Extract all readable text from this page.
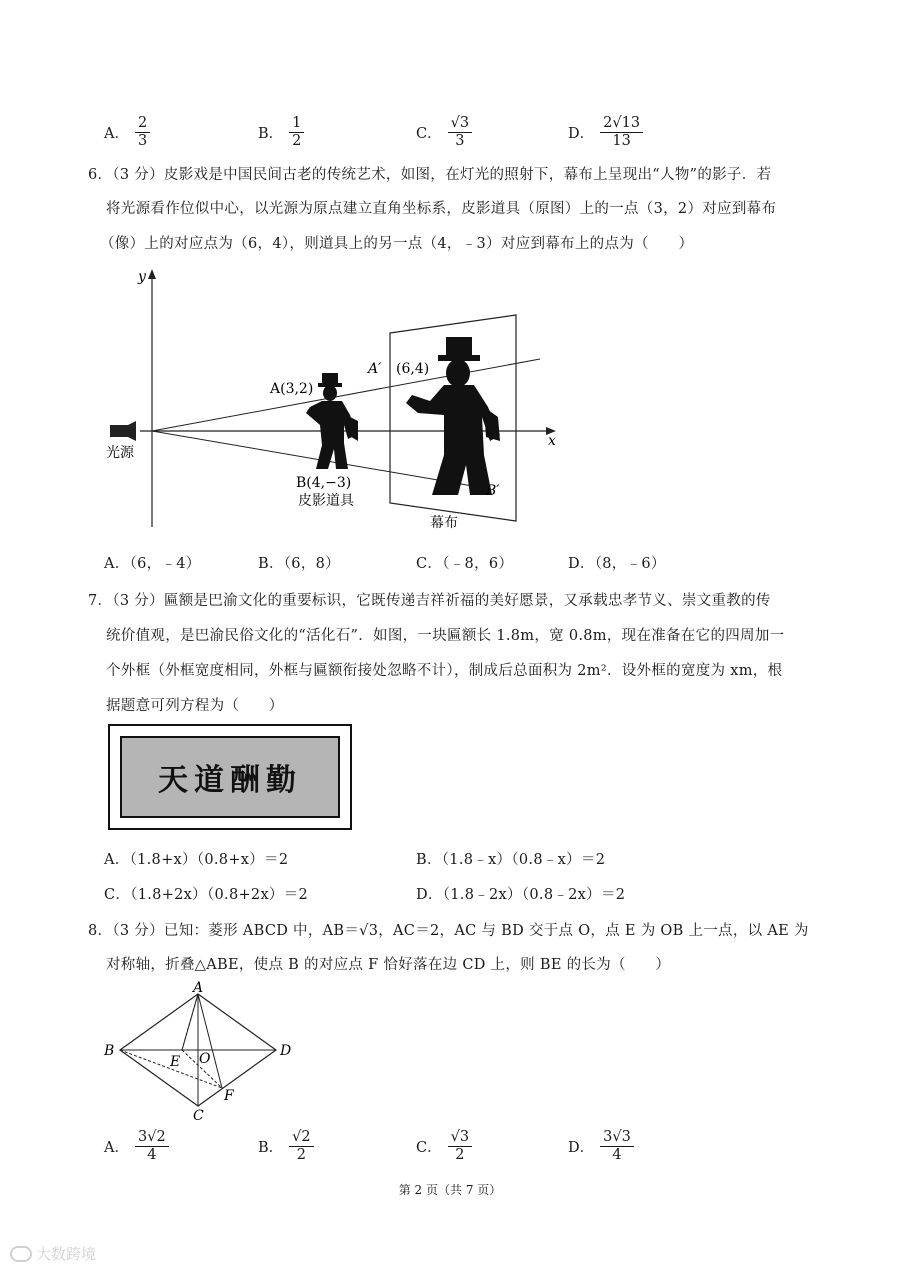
A． $\frac{2}{3}$	B． $\frac{1}{2}$	C． $\frac{√3}{3}$	D． $\frac{2√13}{13}$
6．（3 分）皮影戏是中国民间古老的传统艺术，如图，在灯光的照射下，幕布上呈现出“人物”的影子．若
将光源看作位似中心，以光源为原点建立直角坐标系，皮影道具（原图）上的一点（3，2）对应到幕布
（像）上的对应点为（6，4），则道具上的另一点（4，﹣3）对应到幕布上的点为（　　）
y
x
光源
幕布
A(3,2)
A′ (6,4)
B(4,−3)	B′
皮影道具
A．（6，﹣4）	B．（6，8）	C．（﹣8，6）	D．（8，﹣6）
7．（3 分）匾额是巴渝文化的重要标识，它既传递吉祥祈福的美好愿景，又承载忠孝节义、崇文重教的传
统价值观，是巴渝民俗文化的“活化石”．如图，一块匾额长 1.8m，宽 0.8m，现在准备在它的四周加一
个外框（外框宽度相同，外框与匾额衔接处忽略不计），制成后总面积为 2m²．设外框的宽度为 xm，根
据题意可列方程为（　　）
天道酬勤
A．（1.8+x）（0.8+x）＝2	B．（1.8﹣x）（0.8﹣x）＝2
C．（1.8+2x）（0.8+2x）＝2	D．（1.8﹣2x）（0.8﹣2x）＝2
8．（3 分）已知：菱形 ABCD 中，AB＝√3，AC＝2，AC 与 BD 交于点 O，点 E 为 OB 上一点，以 AE 为
对称轴，折叠△ABE，使点 B 的对应点 F 恰好落在边 CD 上，则 BE 的长为（　　）
A
B
C
D
E O
F
A． $\frac{3√2}{4}$	B． $\frac{√2}{2}$	C． $\frac{√3}{2}$	D． $\frac{3√3}{4}$
第 2 页（共 7 页）
大数跨境
